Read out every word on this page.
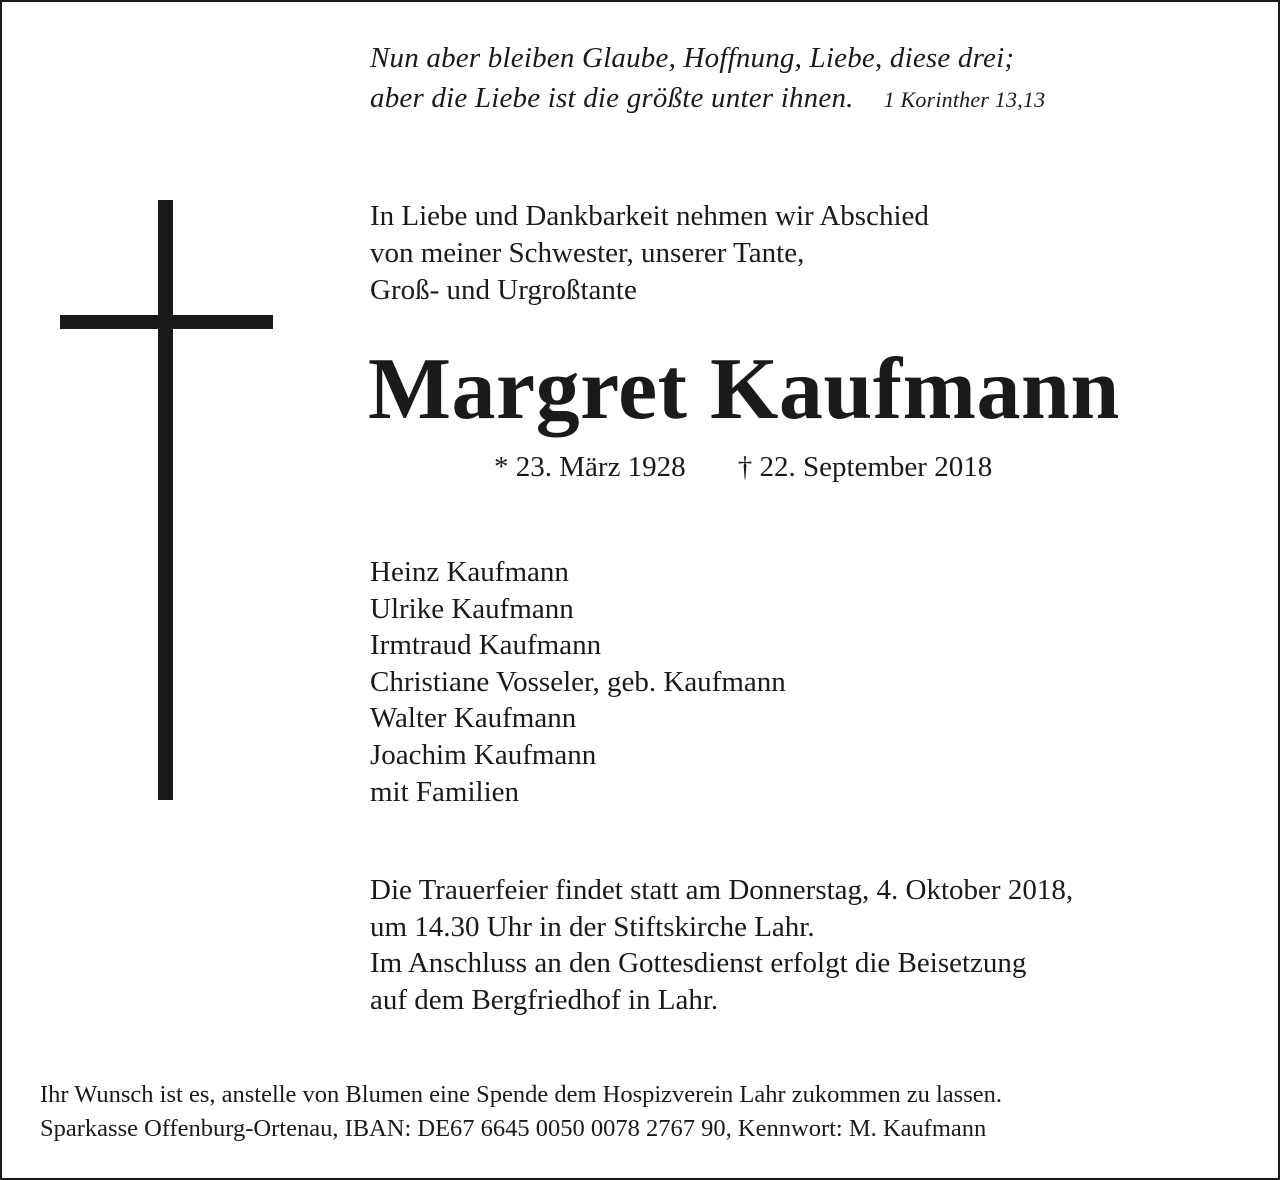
Nun aber bleiben Glaube, Hoffnung, Liebe, diese drei;
aber die Liebe ist die größte unter ihnen. 1 Korinther 13,13
In Liebe und Dankbarkeit nehmen wir Abschied
von meiner Schwester, unserer Tante,
Groß- und Urgroßtante
Margret Kaufmann
* 23. März 1928 † 22. September 2018
Heinz Kaufmann
Ulrike Kaufmann
Irmtraud Kaufmann
Christiane Vosseler, geb. Kaufmann
Walter Kaufmann
Joachim Kaufmann
mit Familien
Die Trauerfeier findet statt am Donnerstag, 4. Oktober 2018,
um 14.30 Uhr in der Stiftskirche Lahr.
Im Anschluss an den Gottesdienst erfolgt die Beisetzung
auf dem Bergfriedhof in Lahr.
Ihr Wunsch ist es, anstelle von Blumen eine Spende dem Hospizverein Lahr zukommen zu lassen.
Sparkasse Offenburg-Ortenau, IBAN: DE67 6645 0050 0078 2767 90, Kennwort: M. Kaufmann
